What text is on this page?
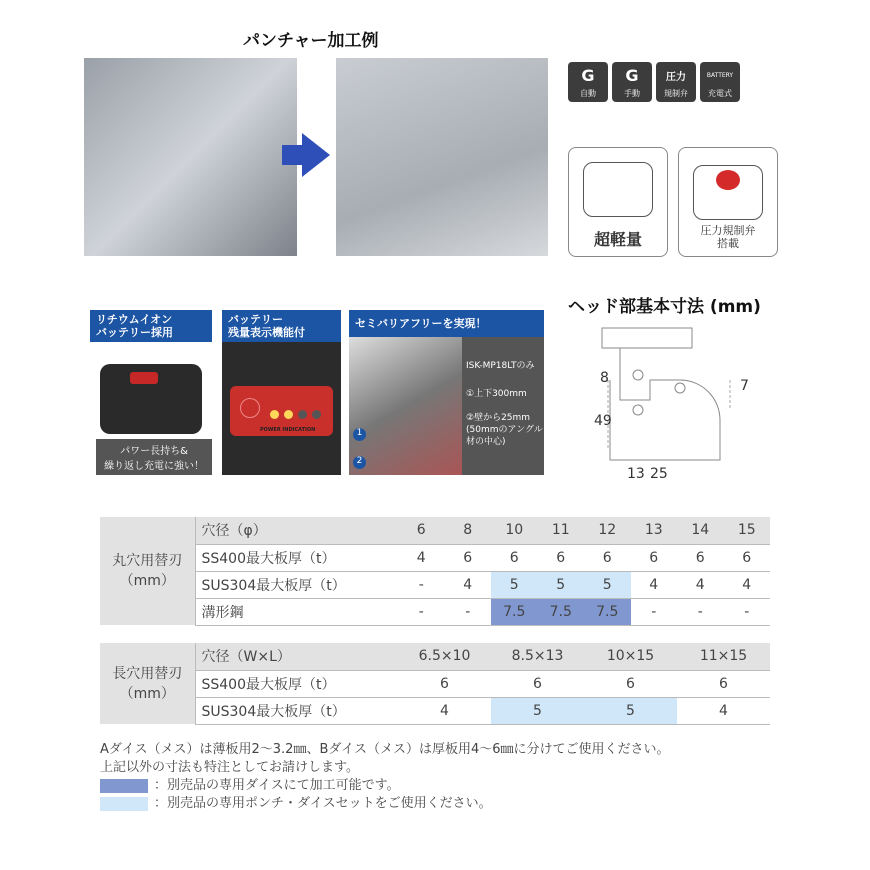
パンチャー加工例
G
自動
G
手動
圧力
規制弁
BATTERY
充電式
超軽量	圧力規制弁
搭載
リチウムイオン
バッテリー採用
パワー長持ち&
繰り返し充電に強い！
バッテリー
残量表示機能付
POWER INDICATION
セミバリアフリーを実現！
1
2
ISK-MP18LTのみ
①上下300mm
②壁から25mm
(50mmのアングル材の中心)
ヘッド部基本寸法 (mm)
8
49
7
13 25
丸穴用替刃
（mm）	穴径（φ）	6	8	10	11	12	13	14	15
	SS400最大板厚（t）	4	6	6	6	6	6	6	6
	SUS304最大板厚（t）	-	4	5	5	5	4	4	4
	溝形鋼	-	-	7.5	7.5	7.5	-	-	-
長穴用替刃
（mm）	穴径（W×L）	6.5×10	8.5×13	10×15	11×15
	SS400最大板厚（t）	6	6	6	6
	SUS304最大板厚（t）	4	5	5	4
Aダイス（メス）は薄板用2〜3.2㎜、Bダイス（メス）は厚板用4〜6㎜に分けてご使用ください。
上記以外の寸法も特注としてお請けします。
：別売品の専用ダイスにて加工可能です。
：別売品の専用ポンチ・ダイスセットをご使用ください。
